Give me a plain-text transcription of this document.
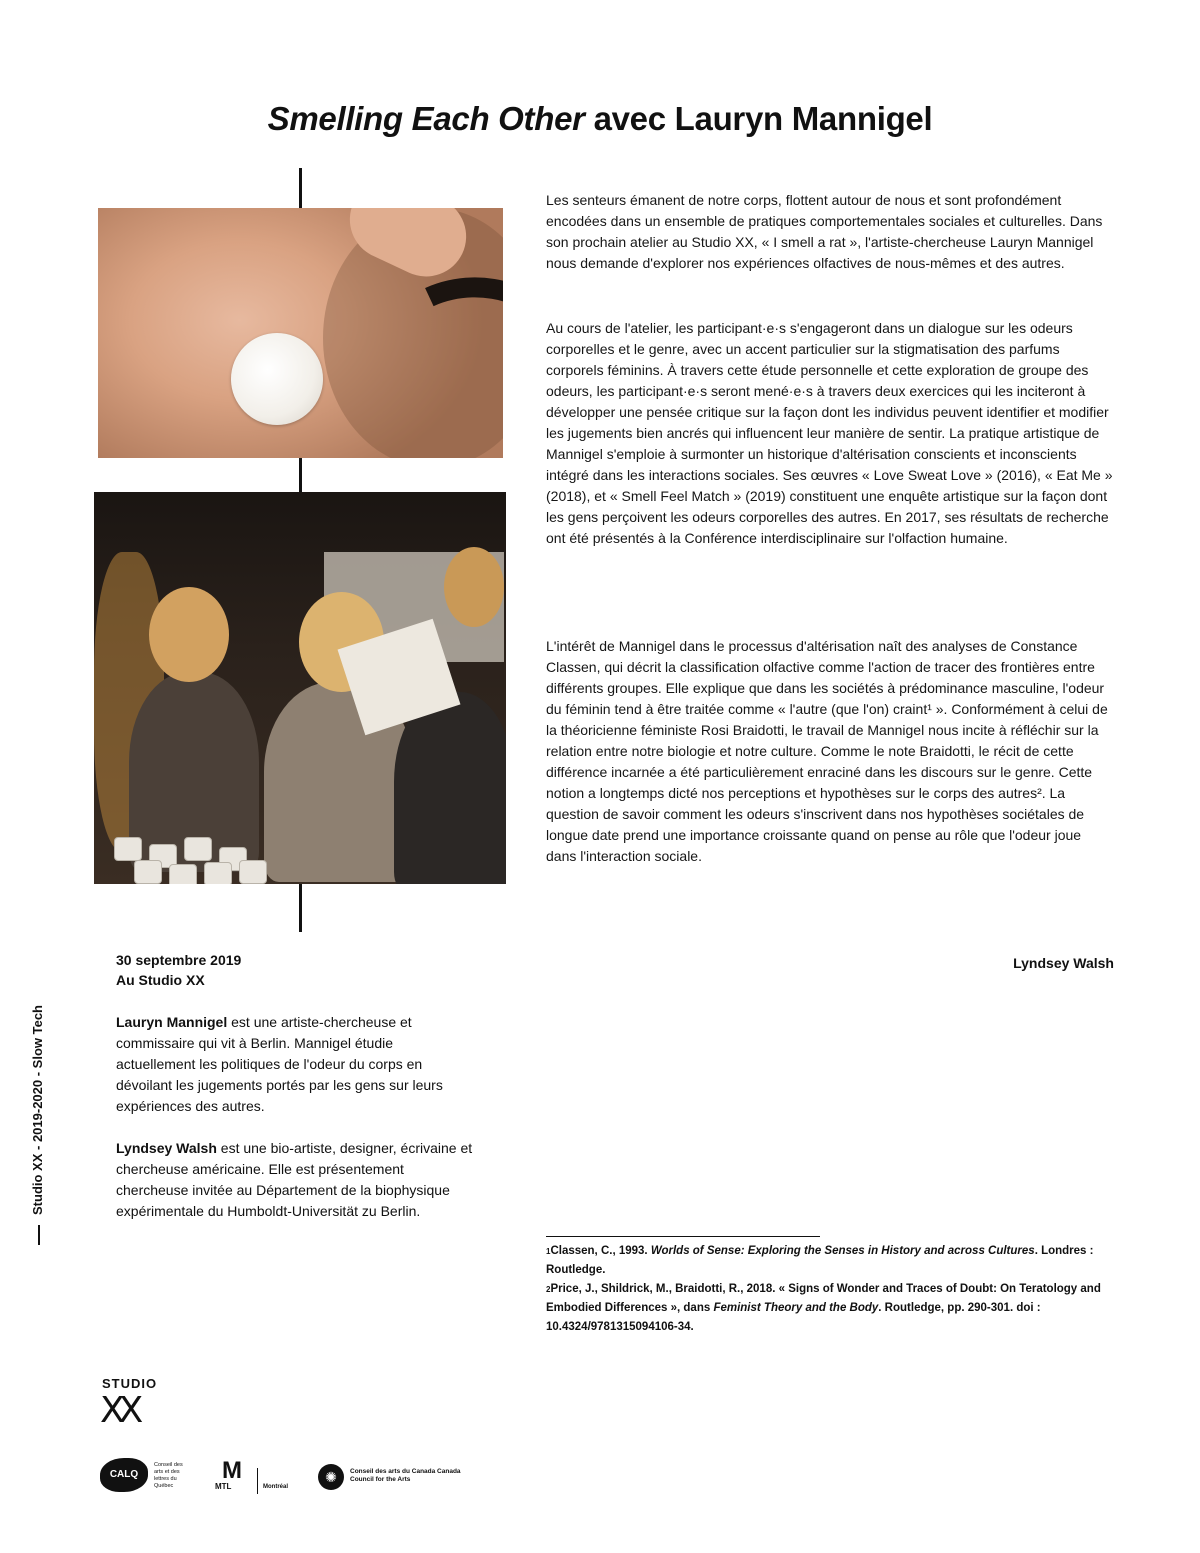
Smelling Each Other avec Lauryn Mannigel

Les senteurs émanent de notre corps, flottent autour de nous et sont profondément encodées dans un ensemble de pratiques comportementales sociales et culturelles. Dans son prochain atelier au Studio XX, « I smell a rat », l'artiste-chercheuse Lauryn Mannigel nous demande d'explorer nos expériences olfactives de nous-mêmes et des autres.

Au cours de l'atelier, les participant·e·s s'engageront dans un dialogue sur les odeurs corporelles et le genre, avec un accent particulier sur la stigmatisation des parfums corporels féminins. À travers cette étude personnelle et cette exploration de groupe des odeurs, les participant·e·s seront mené·e·s à travers deux exercices qui les inciteront à développer une pensée critique sur la façon dont les individus peuvent identifier et modifier les jugements bien ancrés qui influencent leur manière de sentir. La pratique artistique de Mannigel s'emploie à surmonter un historique d'altérisation conscients et inconscients intégré dans les interactions sociales. Ses œuvres « Love Sweat Love » (2016), « Eat Me » (2018), et « Smell Feel Match » (2019) constituent une enquête artistique sur la façon dont les gens perçoivent les odeurs corporelles des autres. En 2017, ses résultats de recherche ont été présentés à la Conférence interdisciplinaire sur l'olfaction humaine.

L'intérêt de Mannigel dans le processus d'altérisation naît des analyses de Constance Classen, qui décrit la classification olfactive comme l'action de tracer des frontières entre différents groupes. Elle explique que dans les sociétés à prédominance masculine, l'odeur du féminin tend à être traitée comme « l'autre (que l'on) craint¹ ». Conformément à celui de la théoricienne féministe Rosi Braidotti, le travail de Mannigel nous incite à réfléchir sur la relation entre notre biologie et notre culture. Comme le note Braidotti, le récit de cette différence incarnée a été particulièrement enraciné dans les discours sur le genre. Cette notion a longtemps dicté nos perceptions et hypothèses sur le corps des autres². La question de savoir comment les odeurs s'inscrivent dans nos hypothèses sociétales de longue date prend une importance croissante quand on pense au rôle que l'odeur joue dans l'interaction sociale.

Lyndsey Walsh
Studio XX - 2019-2020 - Slow Tech
30 septembre 2019
Au Studio XX

Lauryn Mannigel est une artiste-chercheuse et commissaire qui vit à Berlin. Mannigel étudie actuellement les politiques de l'odeur du corps en dévoilant les jugements portés par les gens sur leurs expériences des autres.

Lyndsey Walsh est une bio-artiste, designer, écrivaine et chercheuse américaine. Elle est présentement chercheuse invitée au Département de la biophysique expérimentale du Humboldt-Universität zu Berlin.

$^1$Classen, C., 1993. Worlds of Sense: Exploring the Senses in History and across Cultures. Londres : Routledge.

$^2$Price, J., Shildrick, M., Braidotti, R., 2018. « Signs of Wonder and Traces of Doubt: On Teratology and Embodied Differences », dans Feminist Theory and the Body. Routledge, pp. 290-301. doi : 10.4324/9781315094106-34.

STUDIO
XX
CALQ
Conseil des arts et des lettres du Québec
M
MTL	Montréal
✺	Conseil des arts du Canada Canada Council for the Arts
